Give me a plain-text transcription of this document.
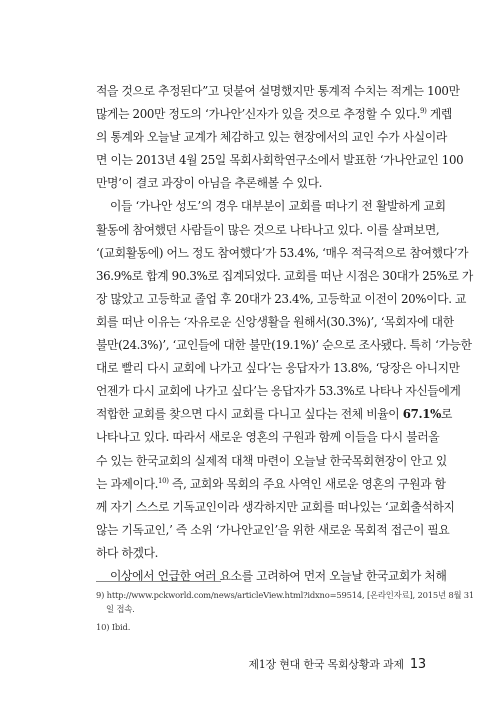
적을 것으로 추정된다”고 덧붙여 설명했지만 통계적 수치는 적게는 100만
많게는 200만 정도의 ‘가나안’신자가 있을 것으로 추정할 수 있다.$^{9)}$ 게렙
의 통계와 오늘날 교계가 체감하고 있는 현장에서의 교인 수가 사실이라
면 이는 2013년 4월 25일 목회사회학연구소에서 발표한 ‘가나안교인 100
만명’이 결코 과장이 아님을 추론해볼 수 있다.
이들 ‘가나안 성도’의 경우 대부분이 교회를 떠나기 전 활발하게 교회
활동에 참여했던 사람들이 많은 것으로 나타나고 있다. 이를 살펴보면,
‘(교회활동에) 어느 정도 참여했다’가 53.4%, ‘매우 적극적으로 참여했다’가
36.9%로 합계 90.3%로 집계되었다. 교회를 떠난 시점은 30대가 25%로 가
장 많았고 고등학교 졸업 후 20대가 23.4%, 고등학교 이전이 20%이다. 교
회를 떠난 이유는 ‘자유로운 신앙생활을 원해서(30.3%)’, ‘목회자에 대한
불만(24.3%)’, ‘교인들에 대한 불만(19.1%)’ 순으로 조사됐다. 특히 ‘가능한
대로 빨리 다시 교회에 나가고 싶다’는 응답자가 13.8%, ‘당장은 아니지만
언젠가 다시 교회에 나가고 싶다’는 응답자가 53.3%로 나타나 자신들에게
적합한 교회를 찾으면 다시 교회를 다니고 싶다는 전체 비율이 67.1%로
나타나고 있다. 따라서 새로운 영혼의 구원과 함께 이들을 다시 불러올
수 있는 한국교회의 실제적 대책 마련이 오늘날 한국목회현장이 안고 있
는 과제이다.$^{10)}$ 즉, 교회와 목회의 주요 사역인 새로운 영혼의 구원과 함
께 자기 스스로 기독교인이라 생각하지만 교회를 떠나있는 ‘교회출석하지
않는 기독교인,’ 즉 소위 ‘가나안교인’을 위한 새로운 목회적 접근이 필요
하다 하겠다.
이상에서 언급한 여러 요소를 고려하여 먼저 오늘날 한국교회가 처해
9) http://www.pckworld.com/news/articleView.html?idxno=59514, [온라인자료], 2015년 8월 31
일 접속.
10) Ibid.
제1장 현대 한국 목회상황과 과제 13
